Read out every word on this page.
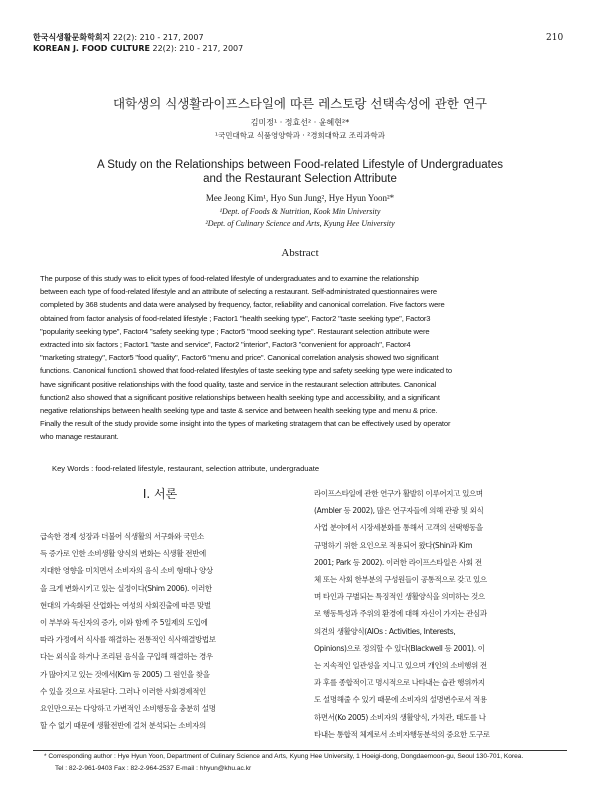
한국식생활문화학회지 22(2): 210 - 217, 2007
KOREAN J. FOOD CULTURE 22(2): 210 - 217, 2007
210
대학생의 식생활라이프스타일에 따른 레스토랑 선택속성에 관한 연구
김미정¹ · 정효선² · 윤혜현²*
¹국민대학교 식품영양학과 · ²경희대학교 조리과학과
A Study on the Relationships between Food-related Lifestyle of Undergraduates
and the Restaurant Selection Attribute
Mee Jeong Kim¹, Hyo Sun Jung², Hye Hyun Yoon²*
¹Dept. of Foods & Nutrition, Kook Min University
²Dept. of Culinary Science and Arts, Kyung Hee University
Abstract
The purpose of this study was to elicit types of food-related lifestyle of undergraduates and to examine the relationship
between each type of food-related lifestyle and an attribute of selecting a restaurant. Self-administrated questionnaires were
completed by 368 students and data were analysed by frequency, factor, reliability and canonical correlation. Five factors were
obtained from factor analysis of food-related lifestyle ; Factor1 "health seeking type", Factor2 "taste seeking type", Factor3
"popularity seeking type", Factor4 "safety seeking type ; Factor5 "mood seeking type". Restaurant selection attribute were
extracted into six factors ; Factor1 "taste and service", Factor2 "interior", Factor3 "convenient for approach", Factor4
"marketing strategy", Factor5 "food quality", Factor6 "menu and price". Canonical correlation analysis showed two significant
functions. Canonical function1 showed that food-related lifestyles of taste seeking type and safety seeking type were indicated to
have significant positive relationships with the food quality, taste and service in the restaurant selection attributes. Canonical
function2 also showed that a significant positive relationships between health seeking type and accessibility, and a significant
negative relationships between health seeking type and taste & service and between health seeking type and menu & price.
Finally the result of the study provide some insight into the types of marketing stratagem that can be effectively used by operator
who manage restaurant.
Key Words : food-related lifestyle, restaurant, selection attribute, undergraduate
Ⅰ. 서론
급속한 경제 성장과 더불어 식생활의 서구화와 국민소
득 증가로 인한 소비생활 양식의 변화는 식생활 전반에
지대한 영향을 미치면서 소비자의 음식 소비 형태나 양상
을 크게 변화시키고 있는 실정이다(Shim 2006). 이러한
현대의 가속화된 산업화는 여성의 사회진출에 따른 맞벌
이 부부와 독신자의 증가, 이와 함께 주 5일제의 도입에
따라 가정에서 식사를 해결하는 전통적인 식사해결방법보
다는 외식을 하거나 조리된 음식을 구입해 해결하는 경우
가 많아지고 있는 것에서(Kim 등 2005) 그 원인을 찾을
수 있을 것으로 사료된다. 그러나 이러한 사회경제적인
요인만으로는 다양하고 가변적인 소비행동을 충분히 설명
할 수 없기 때문에 생활전반에 걸쳐 분석되는 소비자의
라이프스타일에 관한 연구가 활발히 이루어지고 있으며
(Ambler 등 2002), 많은 연구자들에 의해 관광 및 외식
사업 분야에서 시장세분화를 통해서 고객의 선택행동을
규명하기 위한 요인으로 적용되어 왔다(Shin과 Kim
2001; Park 등 2002). 이러한 라이프스타일은 사회 전
체 또는 사회 한부분의 구성원들이 공통적으로 갖고 있으
며 타인과 구별되는 특징적인 생활양식을 의미하는 것으
로 행동특성과 주위의 환경에 대해 자신이 가지는 관심과
의견의 생활양식(AIOs : Activities, Interests,
Opinions)으로 정의할 수 있다(Blackwell 등 2001). 이
는 지속적인 일관성을 지니고 있으며 개인의 소비행위 전
과 후를 종합적이고 명시적으로 나타내는 습관 행위까지
도 설명해줄 수 있기 때문에 소비자의 설명변수로서 적용
하면서(Ko 2005) 소비자의 생활양식, 가치관, 태도를 나
타내는 통합적 체계로서 소비자행동분석의 중요한 도구로
* Corresponding author : Hye Hyun Yoon, Department of Culinary Science and Arts, Kyung Hee University, 1 Hoeigi-dong, Dongdaemoon-gu, Seoul 130-701, Korea.
Tel : 82-2-961-9403 Fax : 82-2-964-2537 E-mail : hhyun@khu.ac.kr
